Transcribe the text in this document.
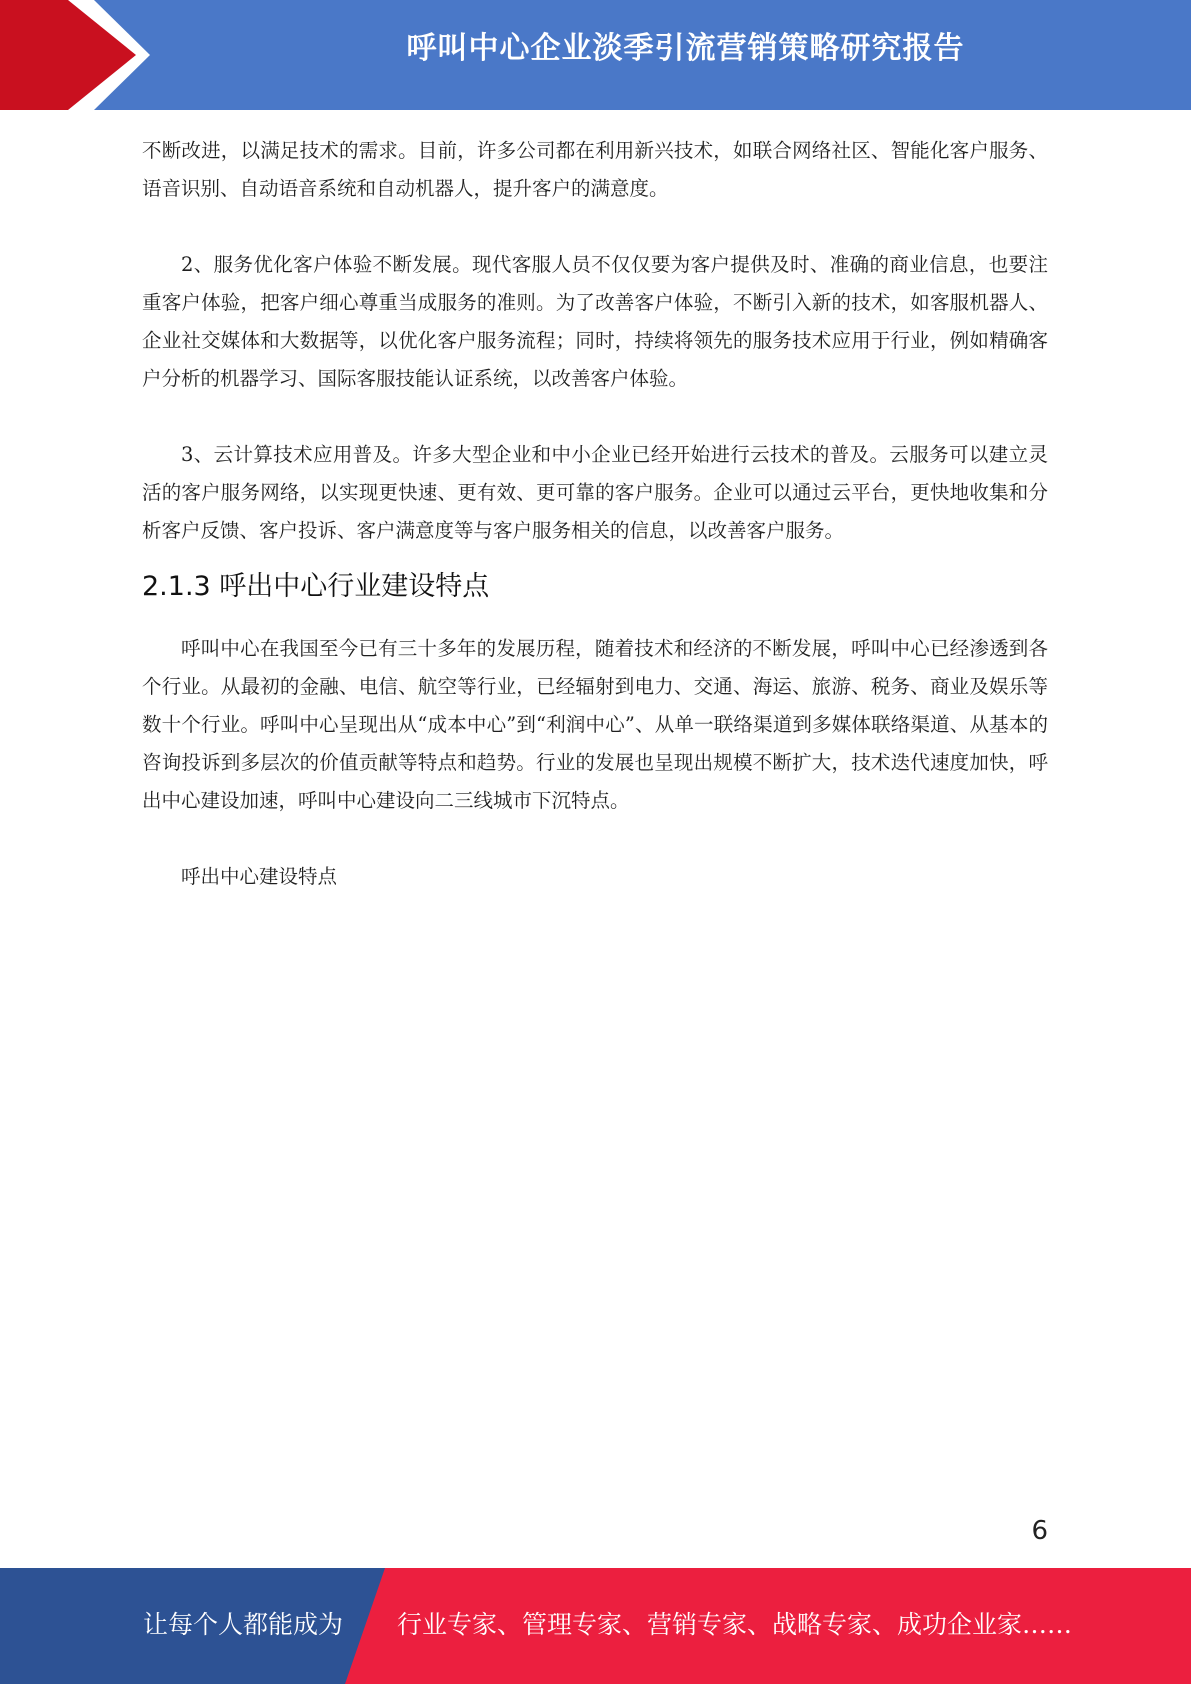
呼叫中心企业淡季引流营销策略研究报告

不断改进，以满足技术的需求。目前，许多公司都在利用新兴技术，如联合网络社区、智能化客户服务、语音识别、自动语音系统和自动机器人，提升客户的满意度。

2、服务优化客户体验不断发展。现代客服人员不仅仅要为客户提供及时、准确的商业信息，也要注重客户体验，把客户细心尊重当成服务的准则。为了改善客户体验，不断引入新的技术，如客服机器人、企业社交媒体和大数据等，以优化客户服务流程；同时，持续将领先的服务技术应用于行业，例如精确客户分析的机器学习、国际客服技能认证系统，以改善客户体验。

3、云计算技术应用普及。许多大型企业和中小企业已经开始进行云技术的普及。云服务可以建立灵活的客户服务网络，以实现更快速、更有效、更可靠的客户服务。企业可以通过云平台，更快地收集和分析客户反馈、客户投诉、客户满意度等与客户服务相关的信息，以改善客户服务。

2.1.3 呼出中心行业建设特点

呼叫中心在我国至今已有三十多年的发展历程，随着技术和经济的不断发展，呼叫中心已经渗透到各个行业。从最初的金融、电信、航空等行业，已经辐射到电力、交通、海运、旅游、税务、商业及娱乐等数十个行业。呼叫中心呈现出从“成本中心”到“利润中心”、从单一联络渠道到多媒体联络渠道、从基本的咨询投诉到多层次的价值贡献等特点和趋势。行业的发展也呈现出规模不断扩大，技术迭代速度加快，呼出中心建设加速，呼叫中心建设向二三线城市下沉特点。

呼出中心建设特点

6
让每个人都能成为 行业专家、管理专家、营销专家、战略专家、成功企业家……
